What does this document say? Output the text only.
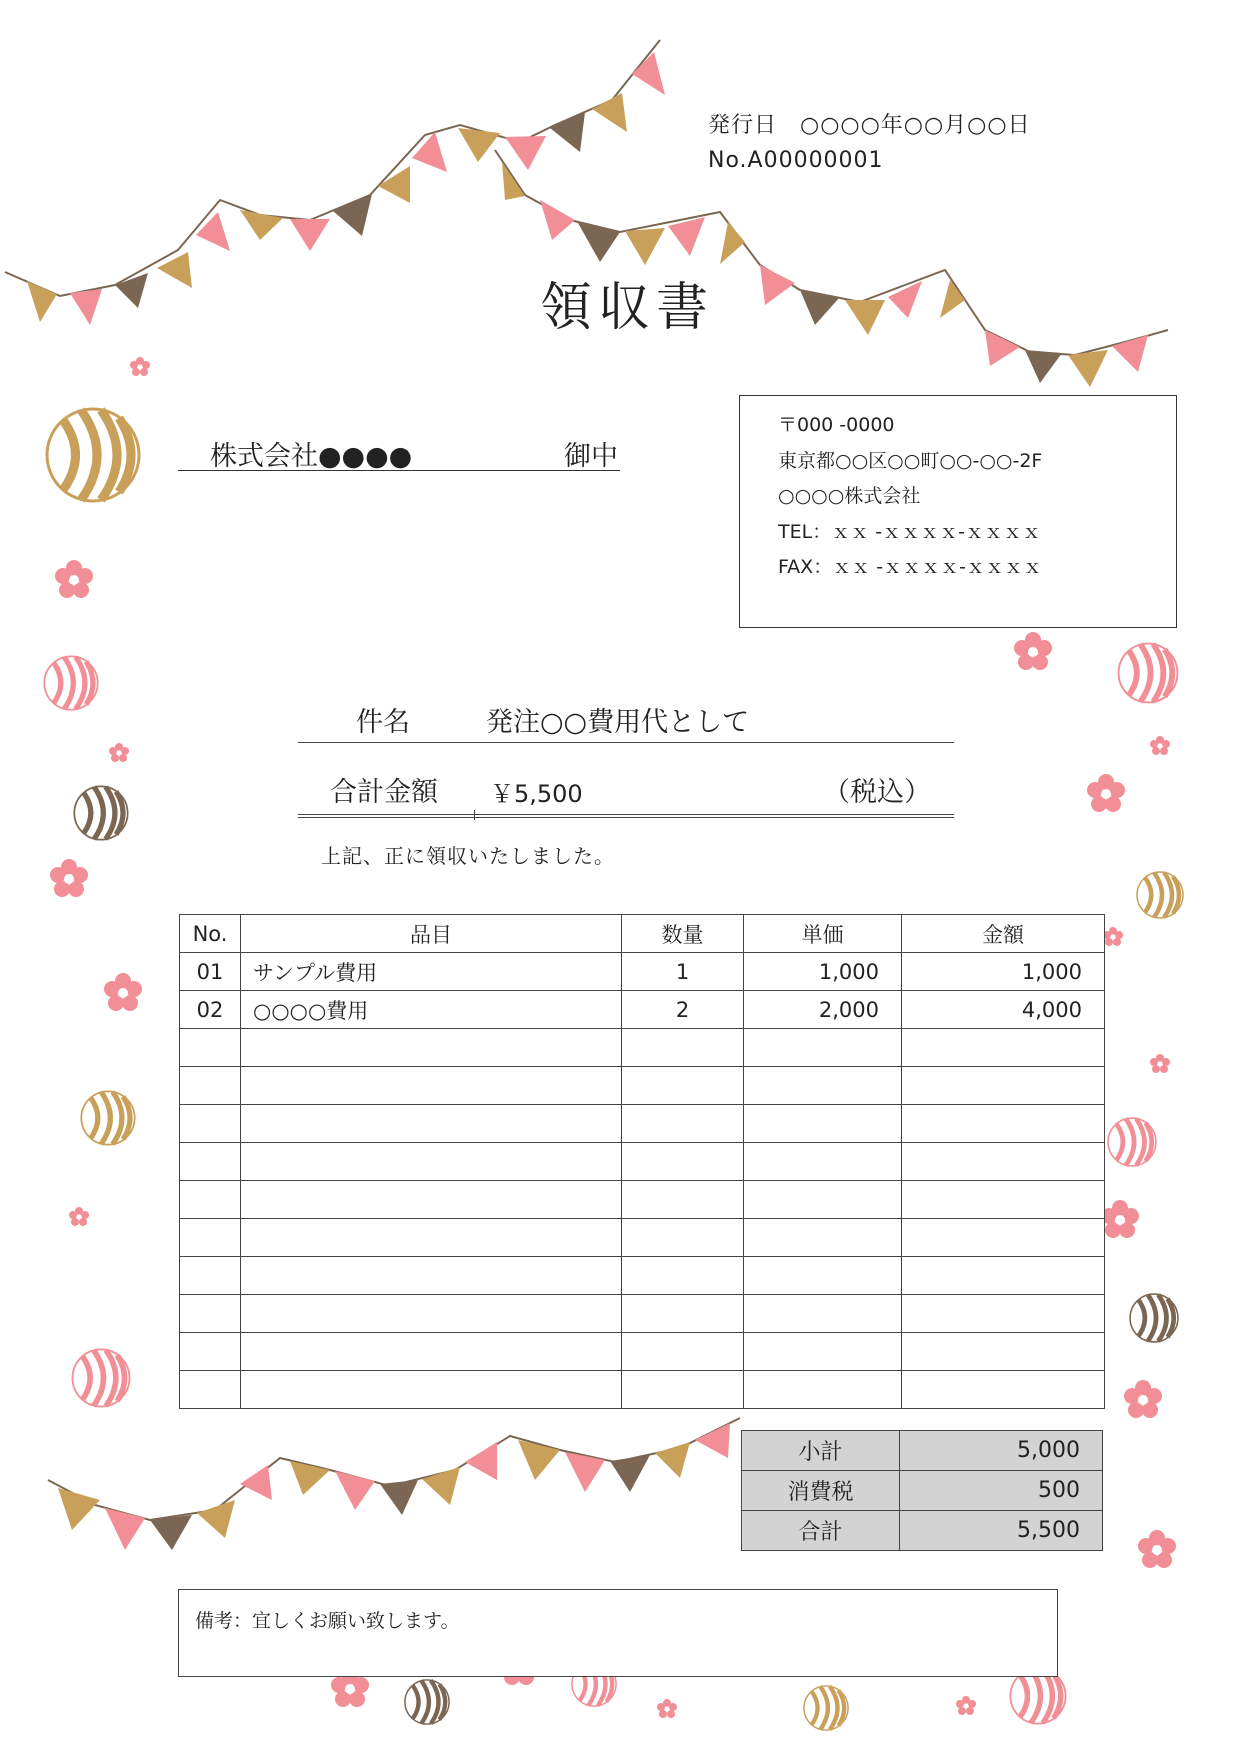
発行日　○○○○年○○月○○日
No.A00000001
領収書
株式会社●●●●	御中
〒000 -0000
東京都○○区○○町○○-○○-2F
○○○○株式会社
TEL：ｘｘ -ｘｘｘｘ-ｘｘｘｘ
FAX：ｘｘ -ｘｘｘｘ-ｘｘｘｘ
件名	発注○○費用代として
合計金額 ￥5,500	（税込）
上記、正に領収いたしました。
No.	品目	数量	単価	金額
01	サンプル費用	1	1,000	1,000
02	○○○○費用	2	2,000	4,000

小計	5,000
消費税	500
合計	5,500
備考：宜しくお願い致します。
